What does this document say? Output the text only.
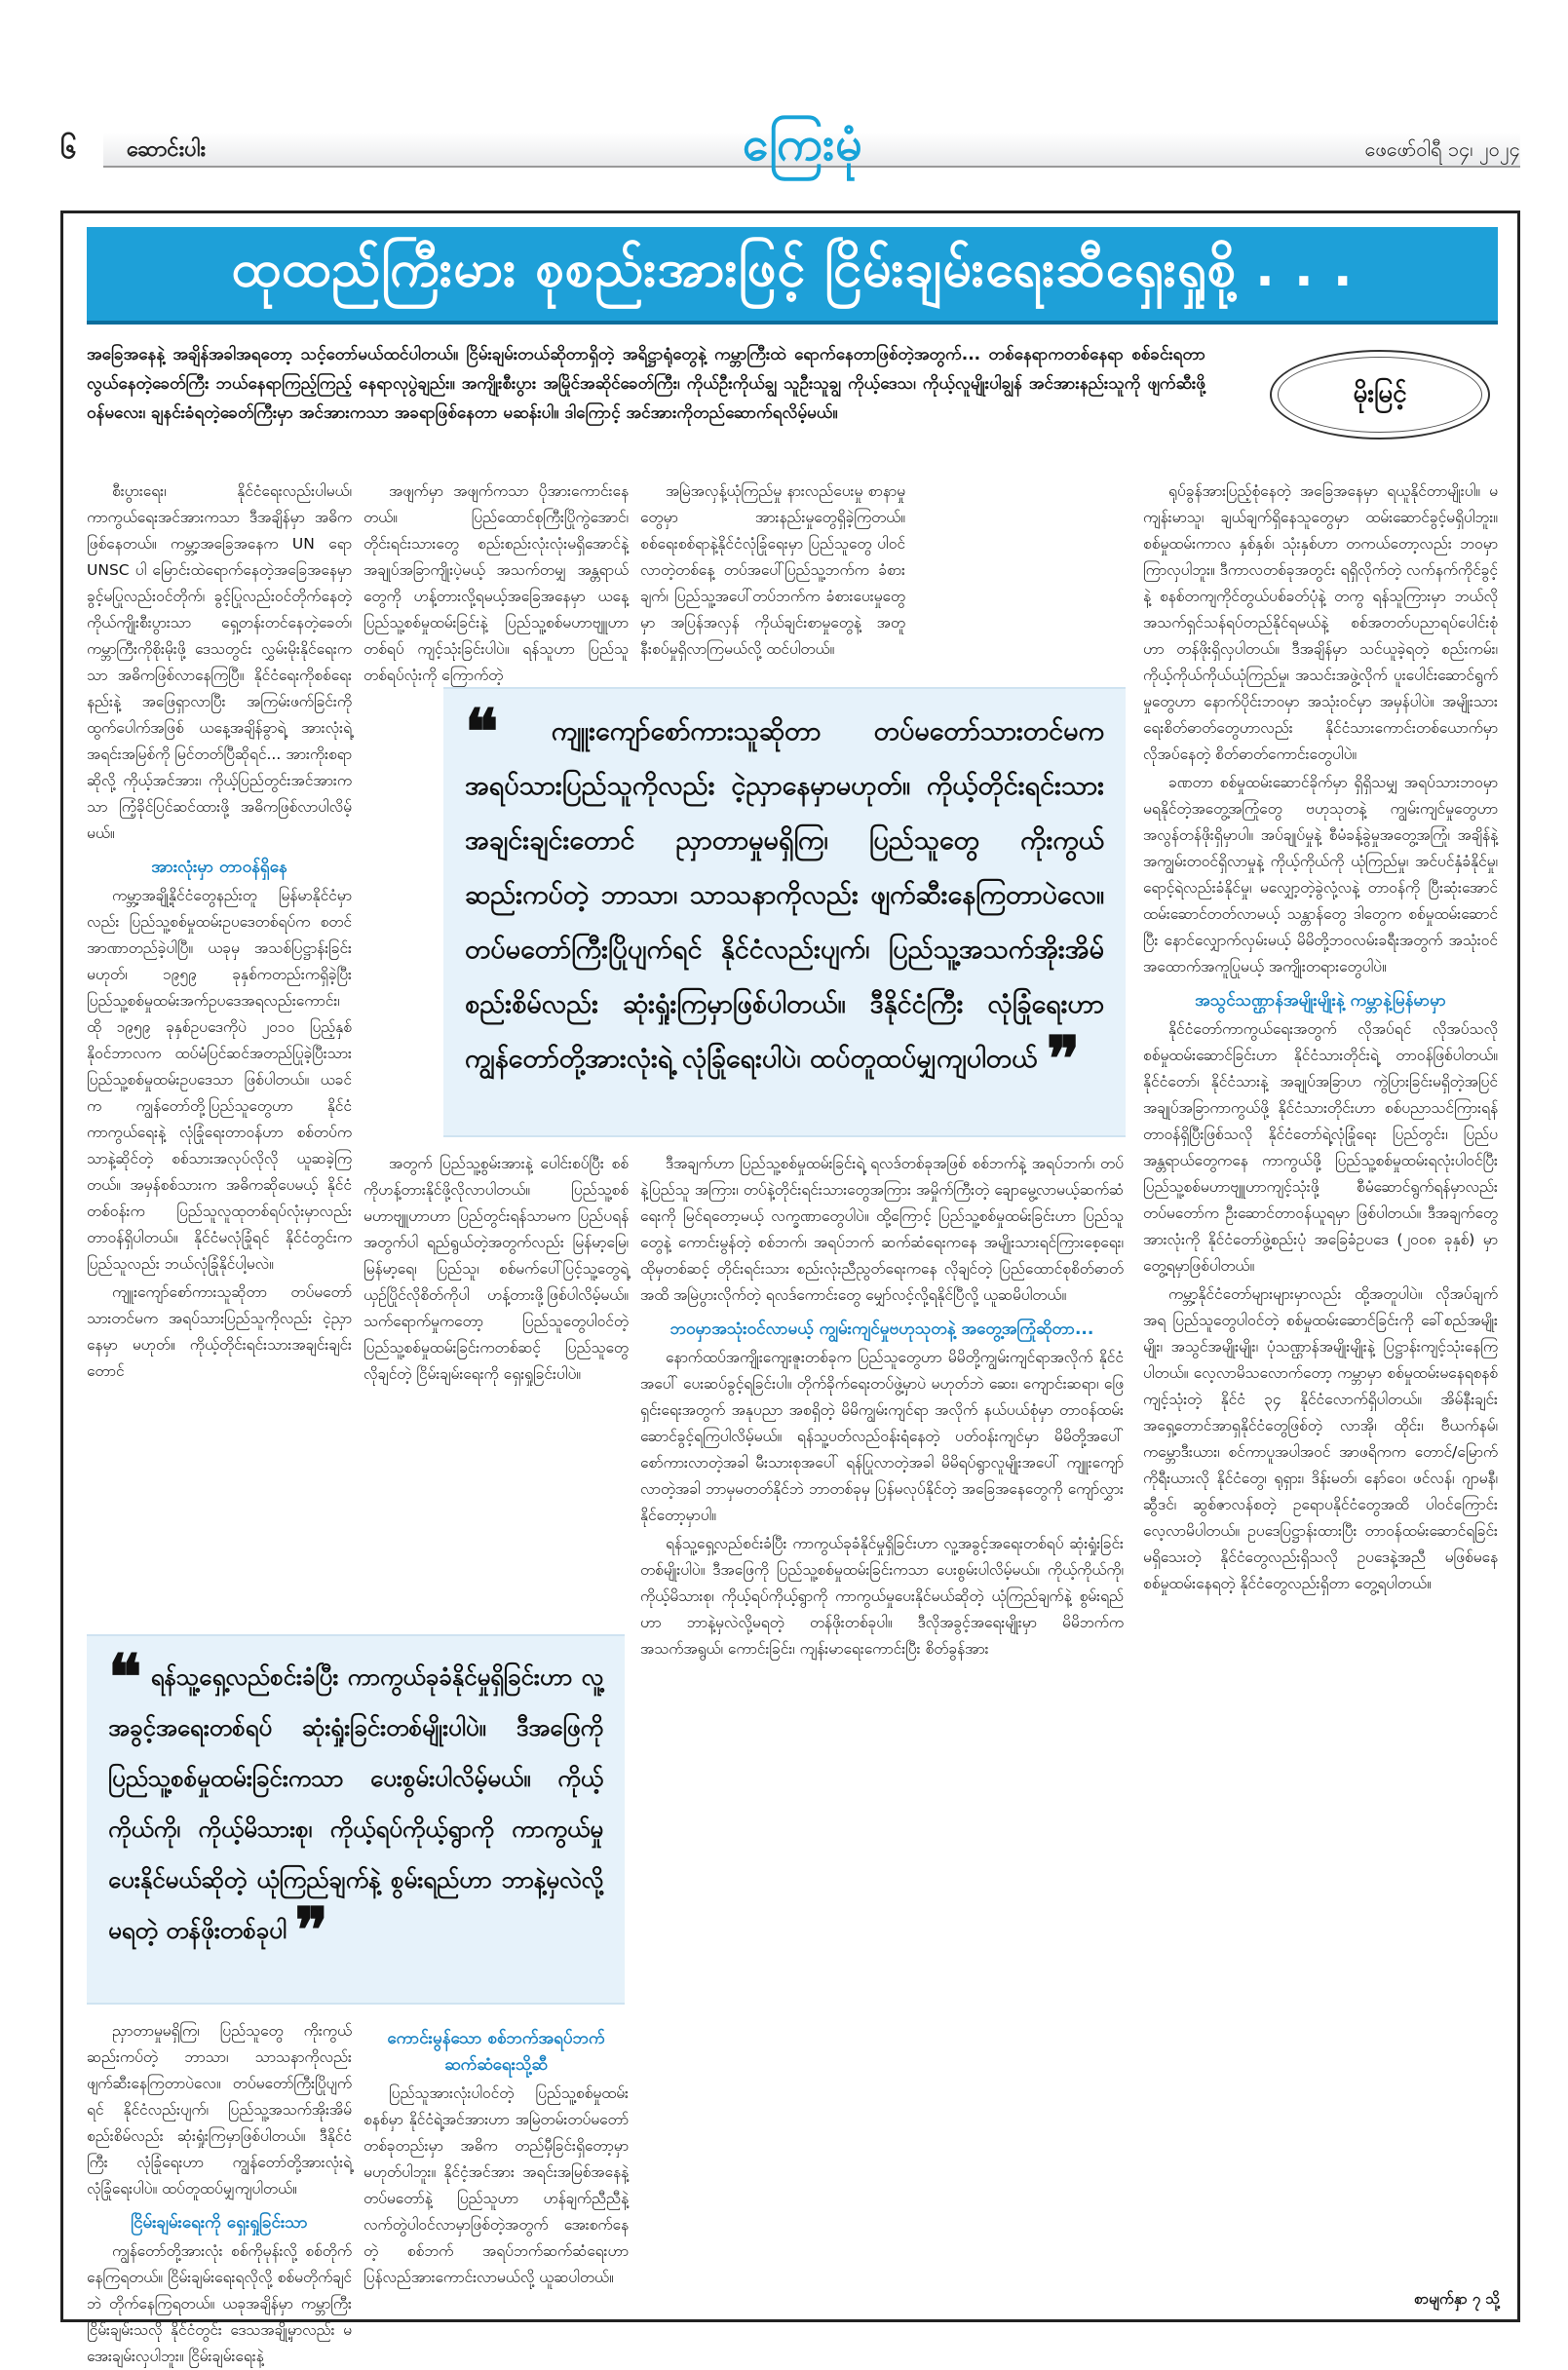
၆	ဆောင်းပါး	ကြေးမုံ	ဖေဖော်ဝါရီ ၁၄၊ ၂၀၂၄
ထုထည်ကြီးမား စုစည်းအားဖြင့် ငြိမ်းချမ်းရေးဆီရှေးရှုစို့ . . .
အခြေအနေနဲ့ အချိန်အခါအရတော့ သင့်တော်မယ်ထင်ပါတယ်။ ငြိမ်းချမ်းတယ်ဆိုတာရှိတဲ့ အရိဋ္ဌာရုံတွေနဲ့ ကမ္ဘာကြီးထဲ ရောက်နေတာဖြစ်တဲ့အတွက်... တစ်နေရာကတစ်နေရာ စစ်ခင်းရတာ လွယ်နေတဲ့ခေတ်ကြီး ဘယ်နေရာကြည့်ကြည့် နေရာလုပွဲချည်း။ အကျိုးစီးပွား အမြိုင်အဆိုင်ခေတ်ကြီး၊ ကိုယ်ဦးကိုယ်ချွ သူဦးသူချွ ကိုယ့်ဒေသ၊ ကိုယ့်လူမျိုးပါချွန် အင်အားနည်းသူကို ဖျက်ဆီးဖို့ ဝန်မလေး၊ ချနင်းခံရတဲ့ခေတ်ကြီးမှာ အင်အားကသာ အခရာဖြစ်နေတာ မဆန်းပါ။ ဒါကြောင့် အင်အားကိုတည်ဆောက်ရလိမ့်မယ်။
မိုးမြင့်

စီးပွားရေး၊ နိုင်ငံရေးလည်းပါမယ်၊ ကာကွယ်ရေးအင်အားကသာ ဒီအချိန်မှာ အဓိကဖြစ်နေတယ်။ ကမ္ဘာ့အခြေအနေက UN ရော UNSC ပါ မြောင်းထဲရောက်နေတဲ့အခြေအနေမှာ ခွင့်မပြုလည်းဝင်တိုက်၊ ခွင့်ပြုလည်းဝင်တိုက်နေတဲ့ ကိုယ်ကျိုးစီးပွားသာ ရှေ့တန်းတင်နေတဲ့ခေတ်၊ ကမ္ဘာကြီးကိုစိုးမိုးဖို့ ဒေသတွင်း လွှမ်းမိုးနိုင်ရေးကသာ အဓိကဖြစ်လာနေကြပြီ။ နိုင်ငံရေးကိုစစ်ရေးနည်းနဲ့ အဖြေရှာလာပြီး အကြမ်းဖက်ခြင်းကို ထွက်ပေါက်အဖြစ် ယနေ့အချိန်ခွာရဲ့ အားလုံးရဲ့ အရင်းအမြစ်ကို မြင်တတ်ပြီဆိုရင်... အားကိုးစရာဆိုလို့ ကိုယ့်အင်အား၊ ကိုယ့်ပြည်တွင်းအင်အားကသာ ကြံ့ခိုင်ပြင်ဆင်ထားဖို့ အဓိကဖြစ်လာပါလိမ့်မယ်။

အားလုံးမှာ တာဝန်ရှိနေ

ကမ္ဘာ့အချို့နိုင်ငံတွေနည်းတူ မြန်မာနိုင်ငံမှာလည်း ပြည်သူ့စစ်မှုထမ်းဥပဒေတစ်ရပ်က စတင်အာဏာတည်ခဲ့ပါပြီ။ ယခုမှ အသစ်ပြဋ္ဌာန်းခြင်းမဟုတ်၊ ၁၉၅၉ ခုနှစ်ကတည်းကရှိခဲ့ပြီး ပြည်သူ့စစ်မှုထမ်းအက်ဥပဒေအရလည်းကောင်း၊ ထို ၁၉၅၉ ခုနှစ်ဥပဒေကိုပဲ ၂၀၁၀ ပြည့်နှစ် နိုဝင်ဘာလက ထပ်မံပြင်ဆင်အတည်ပြုခဲ့ပြီးသား ပြည်သူ့စစ်မှုထမ်းဥပဒေသာ ဖြစ်ပါတယ်။ ယခင်က ကျွန်တော်တို့ပြည်သူတွေဟာ နိုင်ငံကာကွယ်ရေးနဲ့ လုံခြုံရေးတာဝန်ဟာ စစ်တပ်ကသာနဲ့ဆိုင်တဲ့ စစ်သားအလုပ်လိုလို ယူဆခဲ့ကြတယ်။ အမှန်စစ်သားက အဓိကဆိုပေမယ့် နိုင်ငံတစ်ဝန်းက ပြည်သူလူထုတစ်ရပ်လုံးမှာလည်း တာဝန်ရှိပါတယ်။ နိုင်ငံမလုံခြုံရင် နိုင်ငံတွင်းက ပြည်သူလည်း ဘယ်လုံခြုံနိုင်ပါ့မလဲ။

ကျူးကျော်စော်ကားသူဆိုတာ တပ်မတော်သားတင်မက အရပ်သားပြည်သူကိုလည်း ငဲ့ညှာနေမှာ မဟုတ်။ ကိုယ့်တိုင်းရင်းသားအချင်းချင်းတောင်

အဖျက်မှာ အဖျက်ကသာ ပိုအားကောင်းနေတယ်။ ပြည်ထောင်စုကြီးပြိုကွဲအောင်၊ တိုင်းရင်းသားတွေ စည်းစည်းလုံးလုံးမရှိအောင်နဲ့ အချုပ်အခြာကျိုးပဲ့မယ့် အသက်တမျှ အန္တရာယ်တွေကို ဟန့်တားလို့ရမယ့်အခြေအနေမှာ ယနေ့ပြည်သူ့စစ်မှုထမ်းခြင်းနဲ့ ပြည်သူ့စစ်မဟာဗျူဟာတစ်ရပ် ကျင့်သုံးခြင်းပါပဲ။ ရန်သူဟာ ပြည်သူတစ်ရပ်လုံးကို ကြောက်တဲ့

အမြဲအလှန့်ယုံကြည်မှု နားလည်ပေးမှု စာနာမှုတွေမှာ အားနည်းမှုတွေရှိခဲ့ကြတယ်။ စစ်ရေးစစ်ရာနဲ့နိုင်ငံလုံခြုံရေးမှာ ပြည်သူတွေ ပါဝင်လာတဲ့တစ်နေ့ တပ်အပေါ်ပြည်သူ့ဘက်က ခံစားချက်၊ ပြည်သူ့အပေါ်တပ်ဘက်က ခံစားပေးမှုတွေမှာ အပြန်အလှန် ကိုယ်ချင်းစာမှုတွေနဲ့ အတူ နီးစပ်မှုရှိလာကြမယ်လို့ ထင်ပါတယ်။

ရုပ်ခွန်အားပြည့်စုံနေတဲ့ အခြေအနေမှာ ရယူနိုင်တာမျိုးပါ။ မကျန်းမာသူ၊ ချယ်ချက်ရှိနေသူတွေမှာ ထမ်းဆောင်ခွင့်မရှိပါဘူး။ စစ်မှုထမ်းကာလ နှစ်နှစ်၊ သုံးနှစ်ဟာ တကယ်တော့လည်း ဘဝမှာကြာလှပါဘူး။ ဒီကာလတစ်ခုအတွင်း ရရှိလိုက်တဲ့ လက်နက်ကိုင်ခွင့်နဲ့ စနစ်တကျကိုင်တွယ်ပစ်ခတ်ပုံနဲ့ တကွ ရန်သူကြားမှာ ဘယ်လိုအသက်ရှင်သန်ရပ်တည်နိုင်ရမယ်နဲ့ စစ်အတတ်ပညာရပ်ပေါင်းစုံဟာ တန်ဖိုးရှိလှပါတယ်။ ဒီအချိန်မှာ သင်ယူခဲ့ရတဲ့ စည်းကမ်း၊ ကိုယ့်ကိုယ်ကိုယ်ယုံကြည်မှု၊ အသင်းအဖွဲ့လိုက် ပူးပေါင်းဆောင်ရွက်မှုတွေဟာ နောက်ပိုင်းဘဝမှာ အသုံးဝင်မှာ အမှန်ပါပဲ။ အမျိုးသားရေးစိတ်ဓာတ်တွေဟာလည်း နိုင်ငံသားကောင်းတစ်ယောက်မှာလိုအပ်နေတဲ့ စိတ်ဓာတ်ကောင်းတွေပါပဲ။

ခဏတာ စစ်မှုထမ်းဆောင်ခိုက်မှာ ရှိရှိသမျှ အရပ်သားဘဝမှာ မရနိုင်တဲ့အတွေ့အကြုံတွေ ဗဟုသုတနဲ့ ကျွမ်းကျင်မှုတွေဟာ အလွန်တန်ဖိုးရှိမှာပါ။ အပ်ချုပ်မှုနဲ့ စီမံခန့်ခွဲမှုအတွေ့အကြုံ၊ အချိန်နဲ့အကျွမ်းတဝင်ရှိလာမှုနဲ့ ကိုယ့်ကိုယ်ကို ယုံကြည်မှု၊ အင်ပင်နှံခံနိုင်မှု၊ ရောင့်ရဲလည်းခံနိုင်မှု၊ မလျှော့တဲ့ခွဲလုံ့လနဲ့ တာဝန်ကို ပြီးဆုံးအောင်ထမ်းဆောင်တတ်လာမယ့် သန္တာန်တွေ ဒါတွေက စစ်မှုထမ်းဆောင်ပြီး နောင်လျှောက်လှမ်းမယ့် မိမိတို့ဘဝလမ်းခရီးအတွက် အသုံးဝင်အထောက်အကူပြုမယ့် အကျိုးတရားတွေပါပဲ။

အသွင်သဏ္ဌာန်အမျိုးမျိုးနဲ့ ကမ္ဘာနဲ့မြန်မာမှာ

နိုင်ငံတော်ကာကွယ်ရေးအတွက် လိုအပ်ရင် လိုအပ်သလို စစ်မှုထမ်းဆောင်ခြင်းဟာ နိုင်ငံသားတိုင်းရဲ့ တာဝန်ဖြစ်ပါတယ်။ နိုင်ငံတော်၊ နိုင်ငံသားနဲ့ အချုပ်အခြာပာ ကွဲပြားခြင်းမရှိတဲ့အပြင် အချုပ်အခြာကာကွယ်ဖို့ နိုင်ငံသားတိုင်းဟာ စစ်ပညာသင်ကြားရန် တာဝန်ရှိပြီးဖြစ်သလို နိုင်ငံတော်ရဲ့လုံခြုံရေး ပြည်တွင်း၊ ပြည်ပ အန္တရာယ်တွေကနေ ကာကွယ်ဖို့ ပြည်သူ့စစ်မှုထမ်းရလုံးပါဝင်ပြီး ပြည်သူ့စစ်မဟာဗျူဟာကျင့်သုံးဖို့ စီမံဆောင်ရွက်ရန်မှာလည်း တပ်မတော်က ဦးဆောင်တာဝန်ယူရမှာ ဖြစ်ပါတယ်။ ဒီအချက်တွေအားလုံးကို နိုင်ငံတော်ဖွဲ့စည်းပုံ အခြေခံဥပဒေ (၂၀၀၈ ခုနှစ်) မှာ တွေ့ရမှာဖြစ်ပါတယ်။

ကမ္ဘာ့နိုင်ငံတော်များများမှာလည်း ထို့အတူပါပဲ။ လိုအပ်ချက်အရ ပြည်သူတွေပါဝင်တဲ့ စစ်မှုထမ်းဆောင်ခြင်းကို ခေါ်စည်အမျိုးမျိုး၊ အသွင်အမျိုးမျိုး၊ ပုံသဏ္ဌာန်အမျိုးမျိုးနဲ့ ပြဋ္ဌာန်းကျင့်သုံးနေကြပါတယ်။ လေ့လာမိသလောက်တော့ ကမ္ဘာမှာ စစ်မှုထမ်းမနေရစနစ်ကျင့်သုံးတဲ့ နိုင်ငံ ၃၄ နိုင်ငံလောက်ရှိပါတယ်။ အိမ်နီးချင်းအရှေ့တောင်အာရှနိုင်ငံတွေဖြစ်တဲ့ လာအို၊ ထိုင်း၊ ဗီယက်နမ်၊ ကမ္ဘောဒီးယား၊ စင်ကာပူအပါအဝင် အာဖရိကက တောင်/မြောက်ကိုရီးယားလို နိုင်ငံတွေ၊ ရုရှား၊ ဒိန်းမတ်၊ နော်ဝေ၊ ဖင်လန်၊ ဂျာမနီ၊ ဆွီဒင်၊ ဆွစ်ဇာလန်စတဲ့ ဥရောပနိုင်ငံတွေအထိ ပါဝင်ကြောင်း လေ့လာမိပါတယ်။ ဥပဒေပြဋ္ဌာန်းထားပြီး တာဝန်ထမ်းဆောင်ရခြင်းမရှိသေးတဲ့ နိုင်ငံတွေလည်းရှိသလို ဥပဒေနဲ့အညီ မဖြစ်မနေ စစ်မှုထမ်းနေရတဲ့ နိုင်ငံတွေလည်းရှိတာ တွေ့ရပါတယ်။

❝ ကျူးကျော်စော်ကားသူဆိုတာ တပ်မတော်သားတင်မက အရပ်သားပြည်သူကိုလည်း ငဲ့ညှာနေမှာမဟုတ်။ ကိုယ့်တိုင်းရင်းသားအချင်းချင်းတောင် ညှာတာမှုမရှိကြ၊ ပြည်သူတွေ ကိုးကွယ်ဆည်းကပ်တဲ့ ဘာသာ၊ သာသနာကိုလည်း ဖျက်ဆီးနေကြတာပဲလေ။ တပ်မတော်ကြီးပြိုပျက်ရင် နိုင်ငံလည်းပျက်၊ ပြည်သူ့အသက်အိုးအိမ် စည်းစိမ်လည်း ဆုံးရှုံးကြမှာဖြစ်ပါတယ်။ ဒီနိုင်ငံကြီး လုံခြုံရေးဟာ ကျွန်တော်တို့အားလုံးရဲ့ လုံခြုံရေးပါပဲ၊ ထပ်တူထပ်မျှကျပါတယ် ❞

အတွက် ပြည်သူ့စွမ်းအားနဲ့ ပေါင်းစပ်ပြီး စစ်ကိုဟန့်တားနိုင်ဖို့လိုလာပါတယ်။ ပြည်သူ့စစ် မဟာဗျူဟာဟာ ပြည်တွင်းရန်သာမက ပြည်ပရန်အတွက်ပါ ရည်ရွယ်တဲ့အတွက်လည်း မြန်မာ့မြေ၊ မြန်မာ့ရေ၊ ပြည်သူ၊ စစ်မက်ပေါ်ပြင့်သူ့တွေရဲ့ ယှဉ်ပြိုင်လိုစိတ်ကိုပါ ဟန့်တားဖို့ဖြစ်ပါလိမ့်မယ်။ သက်ရောက်မှုကတော့ ပြည်သူတွေပါဝင်တဲ့ ပြည်သူ့စစ်မှုထမ်းခြင်းကတစ်ဆင့် ပြည်သူတွေ လိုချင်တဲ့ ငြိမ်းချမ်းရေးကို ရှေးရှုခြင်းပါပဲ။

ဒီအချက်ဟာ ပြည်သူ့စစ်မှုထမ်းခြင်းရဲ့ ရလဒ်တစ်ခုအဖြစ် စစ်ဘက်နဲ့ အရပ်ဘက်၊ တပ်နဲ့ပြည်သူ အကြား၊ တပ်နဲ့တိုင်းရင်းသားတွေအကြား အမှိုက်ကြီးတဲ့ ချောမွေ့လာမယ့်ဆက်ဆံရေးကို မြင်ရတော့မယ့် လက္ခဏာတွေပါပဲ။ ထို့ကြောင့် ပြည်သူ့စစ်မှုထမ်းခြင်းဟာ ပြည်သူတွေနဲ့ ကောင်းမွန်တဲ့ စစ်ဘက်၊ အရပ်ဘက် ဆက်ဆံရေးကနေ အမျိုးသားရင်ကြားစေ့ရေး၊ ထိုမှတစ်ဆင့် တိုင်းရင်းသား စည်းလုံးညီညွတ်ရေးကနေ လိုချင်တဲ့ ပြည်ထောင်စုစိတ်ဓာတ်အထိ အမြဲပွားလိုက်တဲ့ ရလဒ်ကောင်းတွေ မျှော်လင့်လို့ရနိုင်ပြီလို့ ယူဆမိပါတယ်။

ဘဝမှာအသုံးဝင်လာမယ့် ကျွမ်းကျင်မှုဗဟုသုတနဲ့ အတွေ့အကြုံဆိုတာ...

နောက်ထပ်အကျိုးကျေးဇူးတစ်ခုက ပြည်သူတွေဟာ မိမိတို့ကျွမ်းကျင်ရာအလိုက် နိုင်ငံအပေါ် ပေးဆပ်ခွင့်ရခြင်းပါ။ တိုက်ခိုက်ရေးတပ်ဖွဲ့မှာပဲ မဟုတ်ဘဲ ဆေး၊ ကျောင်းဆရာ၊ ဖြေရှင်းရေးအတွက် အနုပညာ အစရှိတဲ့ မိမိကျွမ်းကျင်ရာ အလိုက် နယ်ပယ်စုံမှာ တာဝန်ထမ်းဆောင်ခွင့်ရကြပါလိမ့်မယ်။ ရန်သူ့ပတ်လည်ဝန်းရံနေတဲ့ ပတ်ဝန်းကျင်မှာ မိမိတို့အပေါ် စော်ကားလာတဲ့အခါ မီးသားစုအပေါ် ရန်ပြုလာတဲ့အခါ မိမိရပ်ရွာလူမျိုးအပေါ် ကျူးကျော်လာတဲ့အခါ ဘာမှမတတ်နိုင်ဘဲ ဘာတစ်ခုမှ ပြန်မလုပ်နိုင်တဲ့ အခြေအနေတွေကို ကျော်လွှားနိုင်တော့မှာပါ။

ရန်သူ့ရှေ့လည်စင်းခံပြီး ကာကွယ်ခုခံနိုင်မှုရှိခြင်းဟာ လူ့အခွင့်အရေးတစ်ရပ် ဆုံးရှုံးခြင်းတစ်မျိုးပါပဲ။ ဒီအဖြေကို ပြည်သူ့စစ်မှုထမ်းခြင်းကသာ ပေးစွမ်းပါလိမ့်မယ်။ ကိုယ့်ကိုယ်ကို၊ ကိုယ့်မိသားစု၊ ကိုယ့်ရပ်ကိုယ့်ရွာကို ကာကွယ်မှုပေးနိုင်မယ်ဆိုတဲ့ ယုံကြည်ချက်နဲ့ စွမ်းရည်ဟာ ဘာနဲ့မှလဲလို့မရတဲ့ တန်ဖိုးတစ်ခုပါ။ ဒီလိုအခွင့်အရေးမျိုးမှာ မိမိဘက်က အသက်အရွယ်၊ ကောင်းခြင်း၊ ကျန်းမာရေးကောင်းပြီး စိတ်ခွန်အား

❝ ရန်သူ့ရှေ့လည်စင်းခံပြီး ကာကွယ်ခုခံနိုင်မှုရှိခြင်းဟာ လူ့အခွင့်အရေးတစ်ရပ် ဆုံးရှုံးခြင်းတစ်မျိုးပါပဲ။ ဒီအဖြေကို ပြည်သူ့စစ်မှုထမ်းခြင်းကသာ ပေးစွမ်းပါလိမ့်မယ်။ ကိုယ့်ကိုယ်ကို၊ ကိုယ့်မိသားစု၊ ကိုယ့်ရပ်ကိုယ့်ရွာကို ကာကွယ်မှုပေးနိုင်မယ်ဆိုတဲ့ ယုံကြည်ချက်နဲ့ စွမ်းရည်ဟာ ဘာနဲ့မှလဲလို့မရတဲ့ တန်ဖိုးတစ်ခုပါ ❞

ညှာတာမှုမရှိကြ၊ ပြည်သူတွေ ကိုးကွယ်ဆည်းကပ်တဲ့ ဘာသာ၊ သာသနာကိုလည်း ဖျက်ဆီးနေကြတာပဲလေ။ တပ်မတော်ကြီးပြိုပျက်ရင် နိုင်ငံလည်းပျက်၊ ပြည်သူ့အသက်အိုးအိမ် စည်းစိမ်လည်း ဆုံးရှုံးကြမှာဖြစ်ပါတယ်။ ဒီနိုင်ငံကြီး လုံခြုံရေးဟာ ကျွန်တော်တို့အားလုံးရဲ့ လုံခြုံရေးပါပဲ။ ထပ်တူထပ်မျှကျပါတယ်။

ငြိမ်းချမ်းရေးကို ရှေးရှုခြင်းသာ

ကျွန်တော်တို့အားလုံး စစ်ကိုမုန်းလို့ စစ်တိုက်နေကြရတယ်။ ငြိမ်းချမ်းရေးရလိုလို့ စစ်မတိုက်ချင်ဘဲ တိုက်နေကြရတယ်။ ယခုအချိန်မှာ ကမ္ဘာကြီးငြိမ်းချမ်းသလို နိုင်ငံတွင်း ဒေသအချို့မှာလည်း မအေးချမ်းလှပါဘူး။ ငြိမ်းချမ်းရေးနဲ့

ကောင်းမွန်သော စစ်ဘက်အရပ်ဘက် ဆက်ဆံရေးသို့ဆီ

ပြည်သူအားလုံးပါဝင်တဲ့ ပြည်သူ့စစ်မှုထမ်းစနစ်မှာ နိုင်ငံရဲ့အင်အားဟာ အမြဲတမ်းတပ်မတော်တစ်ခုတည်းမှာ အဓိက တည်မှီခြင်းရှိတော့မှာ မဟုတ်ပါဘူး။ နိုင်ငံ့အင်အား အရင်းအမြစ်အနေနဲ့ တပ်မတော်နဲ့ ပြည်သူဟာ ဟန်ချက်ညီညီနဲ့ လက်တွဲပါဝင်လာမှာဖြစ်တဲ့အတွက် အေးစက်နေတဲ့ စစ်ဘက် အရပ်ဘက်ဆက်ဆံရေးဟာ ပြန်လည်အားကောင်းလာမယ်လို့ ယူဆပါတယ်။

စာမျက်နှာ ၇ သို့
